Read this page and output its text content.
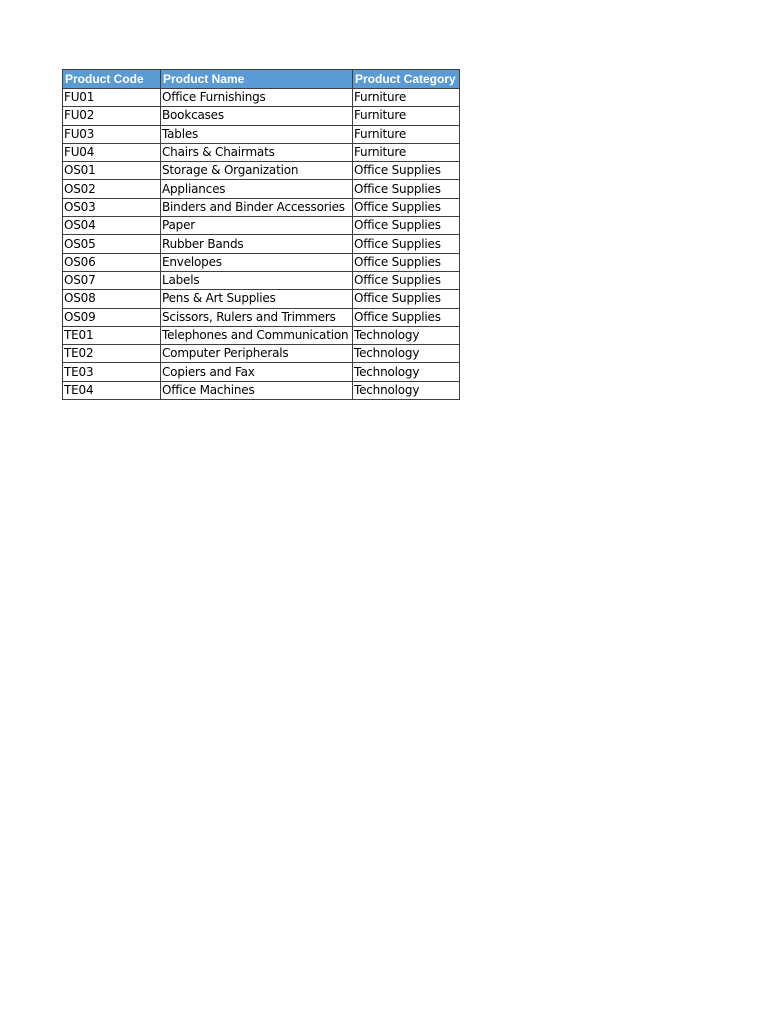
Product Code	Product Name	Product Category
FU01	Office Furnishings	Furniture
FU02	Bookcases	Furniture
FU03	Tables	Furniture
FU04	Chairs & Chairmats	Furniture
OS01	Storage & Organization	Office Supplies
OS02	Appliances	Office Supplies
OS03	Binders and Binder Accessories	Office Supplies
OS04	Paper	Office Supplies
OS05	Rubber Bands	Office Supplies
OS06	Envelopes	Office Supplies
OS07	Labels	Office Supplies
OS08	Pens & Art Supplies	Office Supplies
OS09	Scissors, Rulers and Trimmers	Office Supplies
TE01	Telephones and Communication	Technology
TE02	Computer Peripherals	Technology
TE03	Copiers and Fax	Technology
TE04	Office Machines	Technology
